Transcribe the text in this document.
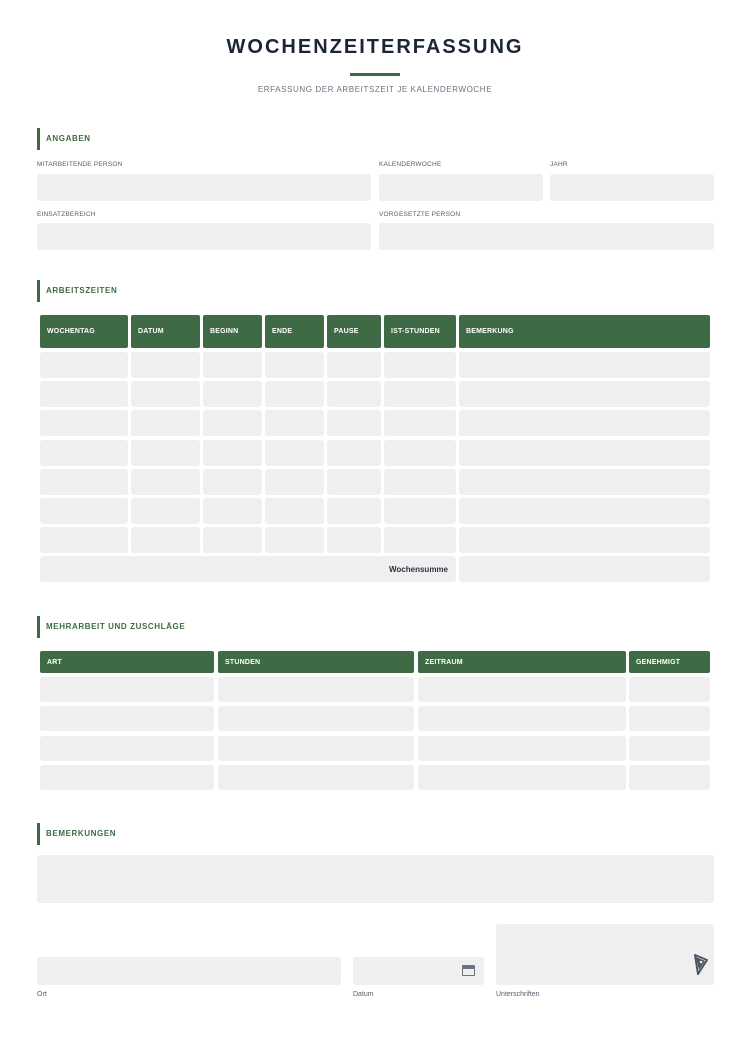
WOCHENZEITERFASSUNG
ERFASSUNG DER ARBEITSZEIT JE KALENDERWOCHE
ANGABEN
MITARBEITENDE PERSON	KALENDERWOCHE	JAHR
EINSATZBEREICH	VORGESETZTE PERSON
ARBEITSZEITEN
WOCHENTAG	DATUM	BEGINN	ENDE	PAUSE	IST-STUNDEN	BEMERKUNG
Wochensumme
MEHRARBEIT UND ZUSCHLÄGE
ART	STUNDEN	ZEITRAUM	GENEHMIGT
BEMERKUNGEN
Ort	Datum	Unterschriften
